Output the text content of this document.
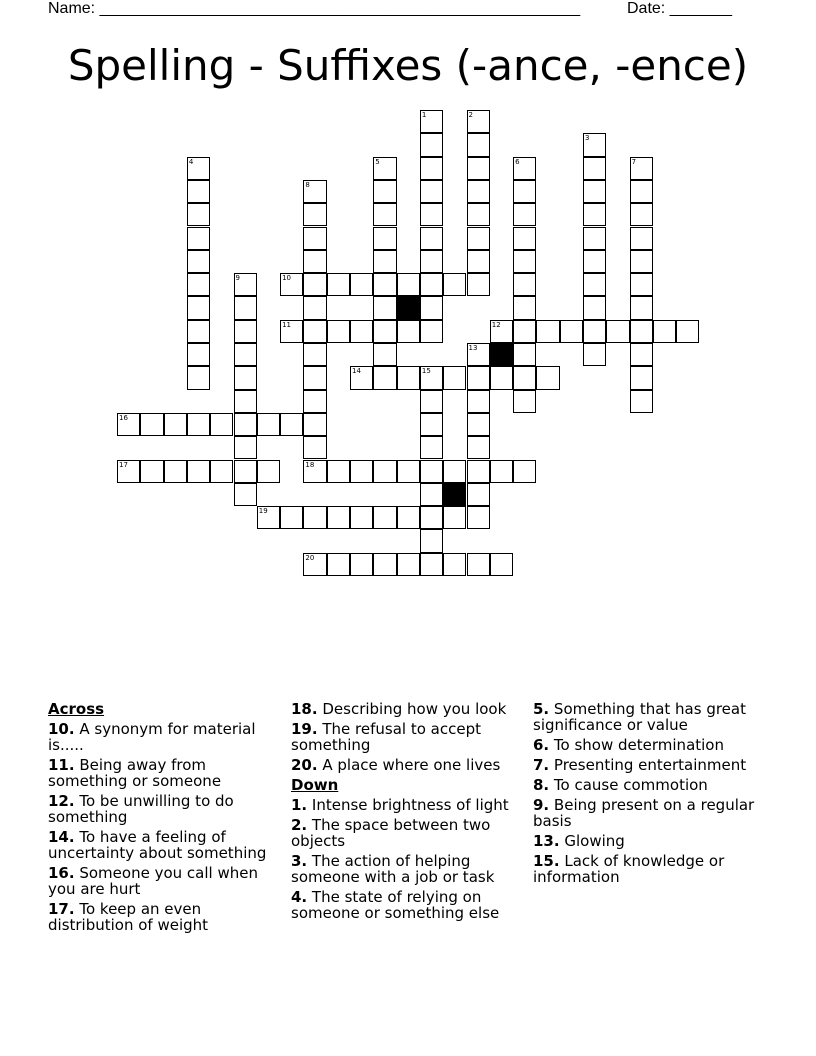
Name: ______________________________________________________	Date: _______
Spelling - Suffixes (-ance, -ence)
10
11	12
14	15
16
17	18
19
20
1	2
3
4	5	6	7
8
9
13
Across
10. A synonym for material is.....
11. Being away from something or someone
12. To be unwilling to do something
14. To have a feeling of uncertainty about something
16. Someone you call when you are hurt
17. To keep an even distribution of weight
18. Describing how you look
19. The refusal to accept something
20. A place where one lives
Down
1. Intense brightness of light
2. The space between two objects
3. The action of helping someone with a job or task
4. The state of relying on someone or something else
5. Something that has great significance or value
6. To show determination
7. Presenting entertainment
8. To cause commotion
9. Being present on a regular basis
13. Glowing
15. Lack of knowledge or information
